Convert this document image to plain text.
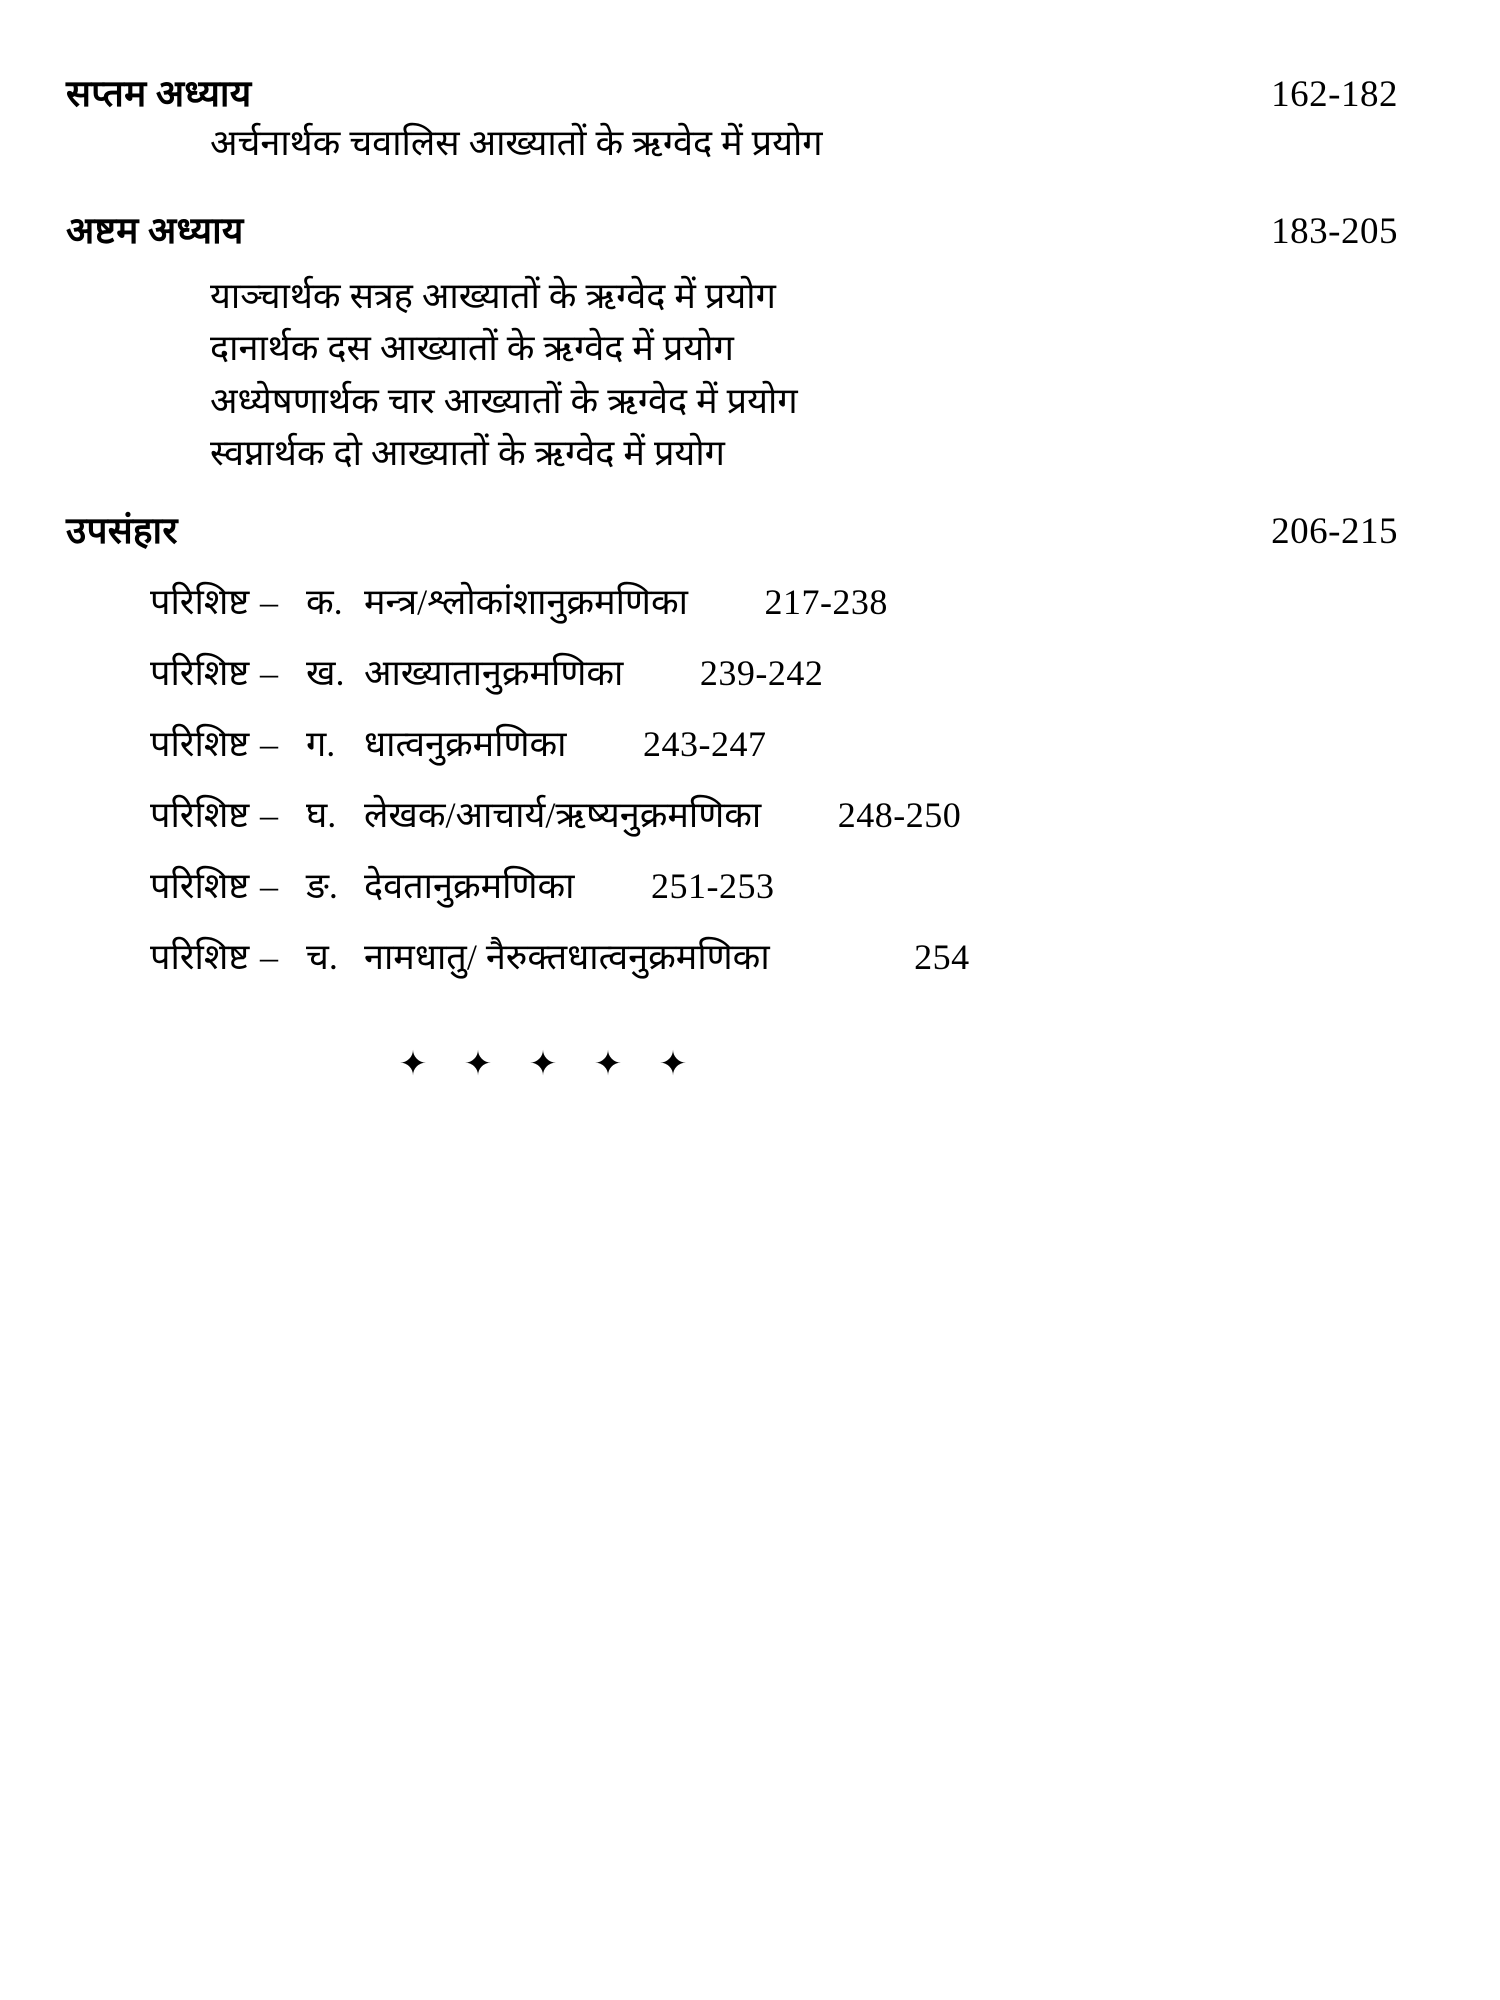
सप्तम अध्याय	162-182
अर्चनार्थक चवालिस आख्यातों के ऋग्वेद में प्रयोग
अष्टम अध्याय	183-205
याञ्चार्थक सत्रह आख्यातों के ऋग्वेद में प्रयोग
दानार्थक दस आख्यातों के ऋग्वेद में प्रयोग
अध्येषणार्थक चार आख्यातों के ऋग्वेद में प्रयोग
स्वप्नार्थक दो आख्यातों के ऋग्वेद में प्रयोग
उपसंहार	206-215
परिशिष्ट – क. मन्त्र/श्लोकांशानुक्रमणिका	217-238
परिशिष्ट – ख. आख्यातानुक्रमणिका	239-242
परिशिष्ट – ग. धात्वनुक्रमणिका	243-247
परिशिष्ट – घ. लेखक/आचार्य/ऋष्यनुक्रमणिका	248-250
परिशिष्ट – ङ. देवतानुक्रमणिका	251-253
परिशिष्ट – च. नामधातु/ नैरुक्तधात्वनुक्रमणिका	254
✦ ✦ ✦ ✦ ✦
